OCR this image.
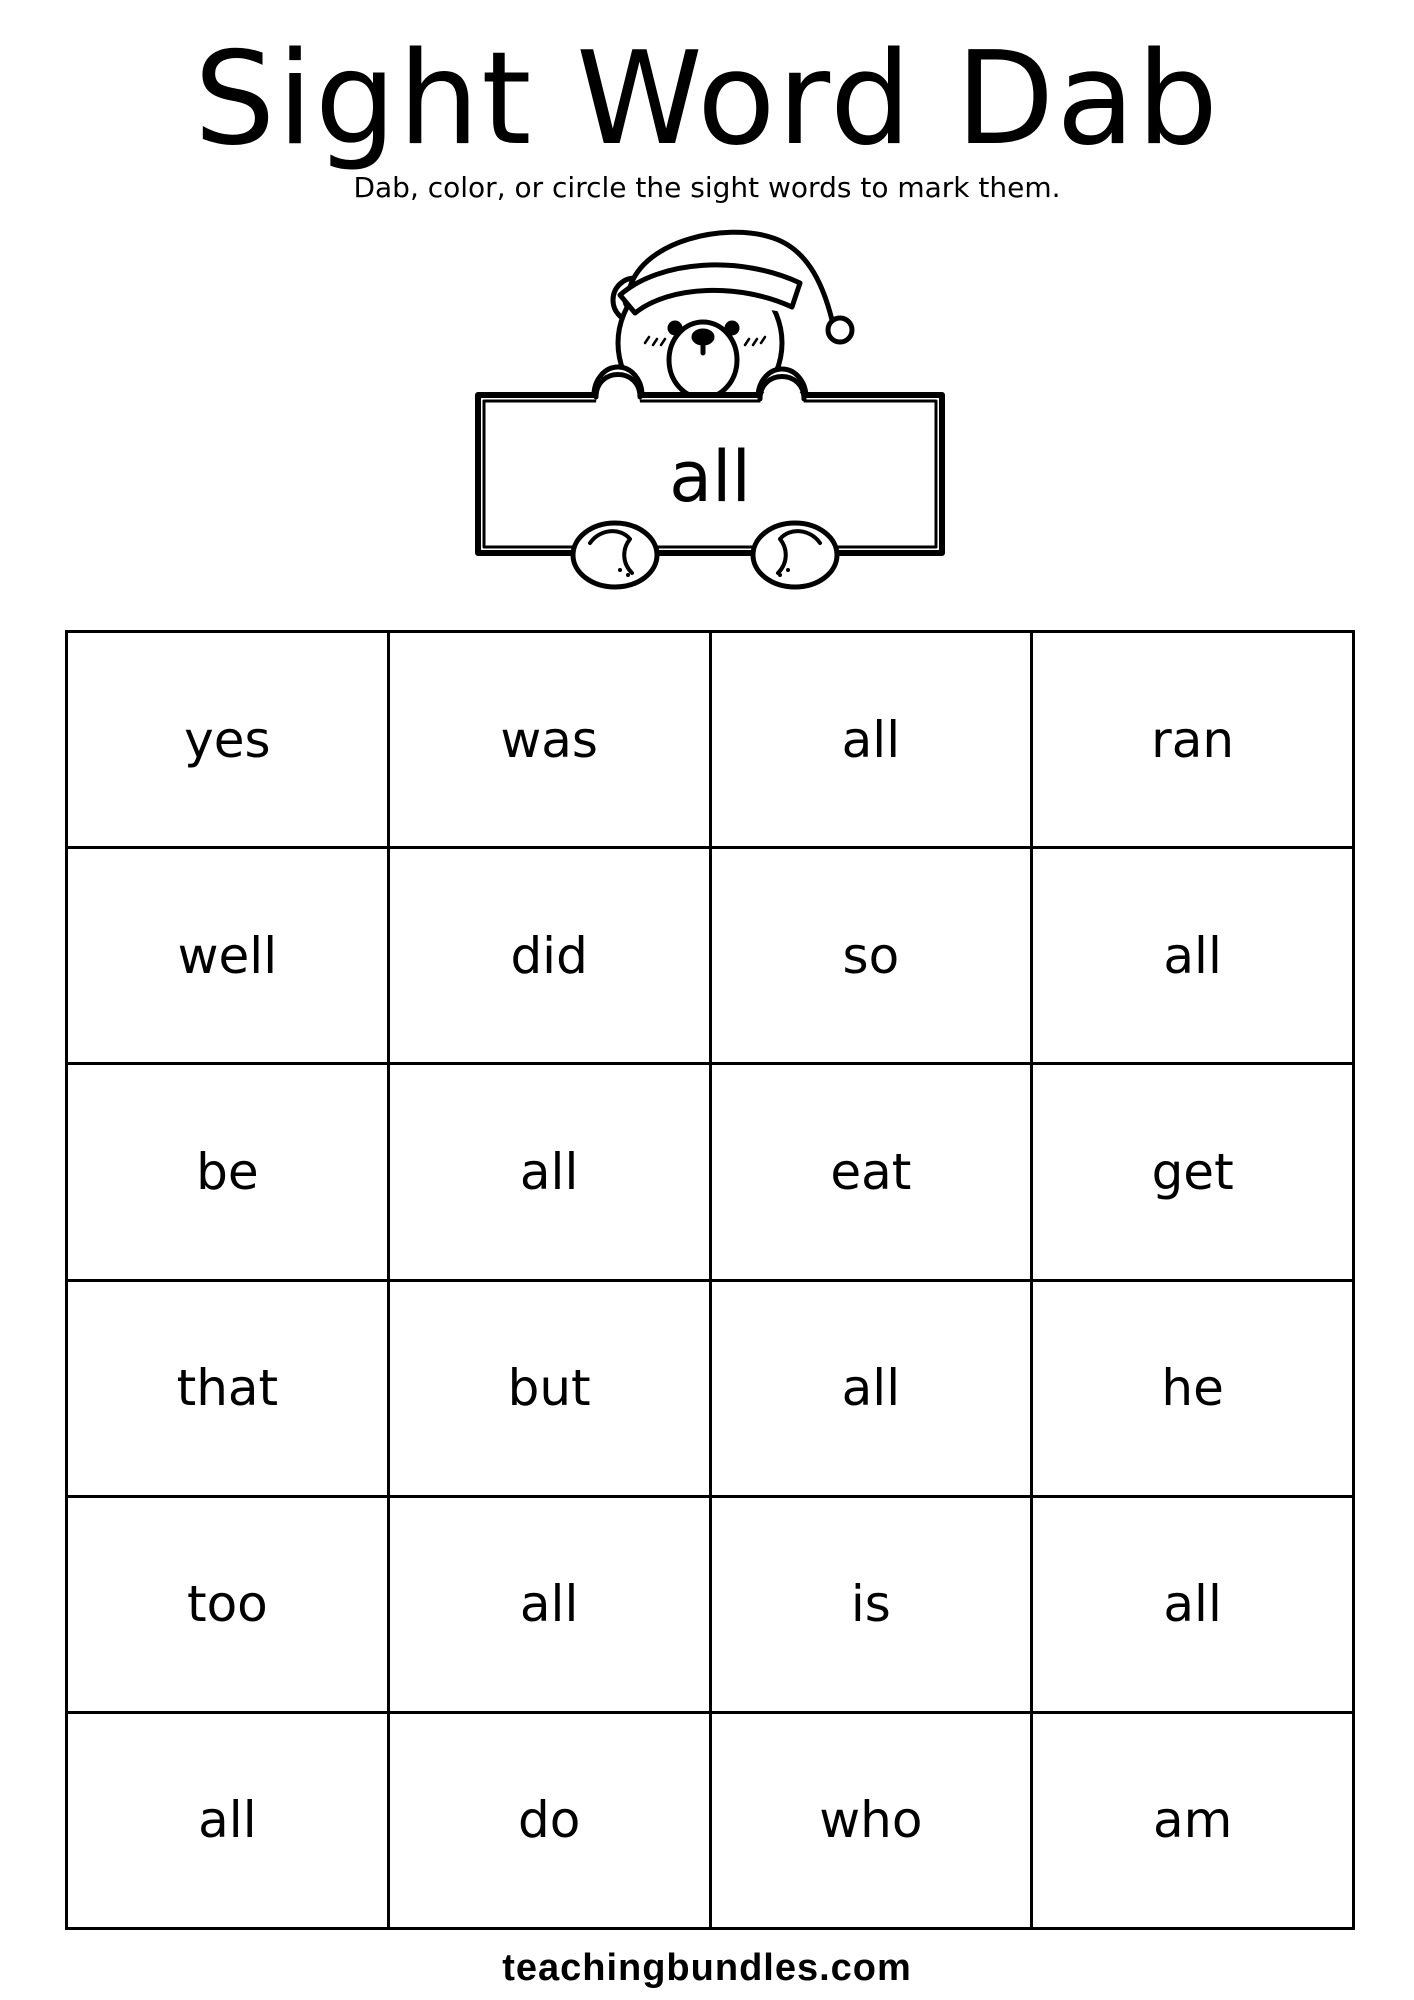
Sight Word Dab
Dab, color, or circle the sight words to mark them.
all
yes	was	all	ran
well	did	so	all
be	all	eat	get
that	but	all	he
too	all	is	all
all	do	who	am
teachingbundles.com
